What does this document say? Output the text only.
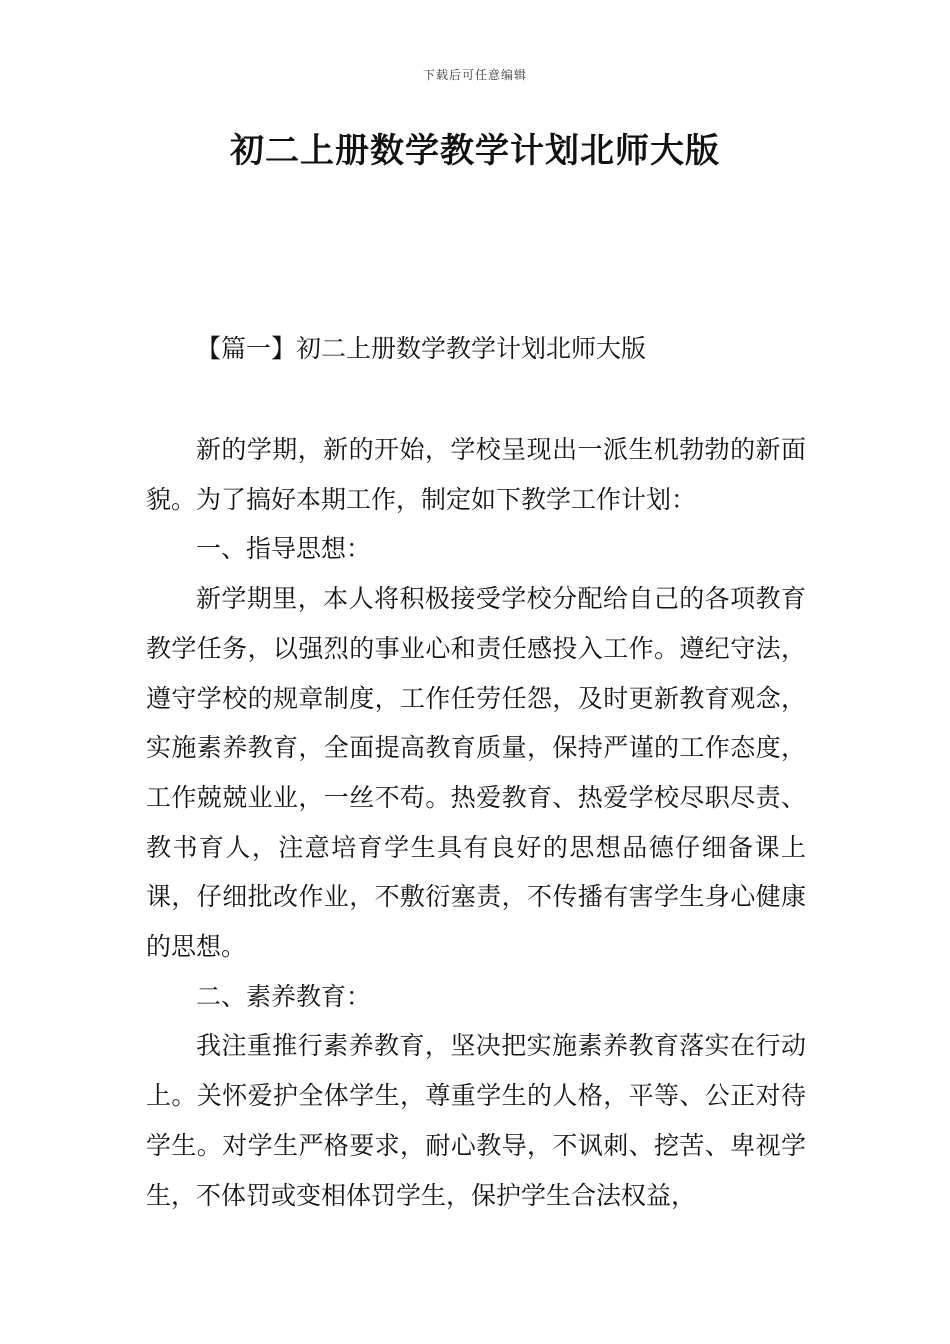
下载后可任意编辑
初二上册数学教学计划北师大版
【篇一】初二上册数学教学计划北师大版

新的学期，新的开始，学校呈现出一派生机勃勃的新面貌。为了搞好本期工作，制定如下教学工作计划：

一、指导思想：

新学期里，本人将积极接受学校分配给自己的各项教育教学任务，以强烈的事业心和责任感投入工作。遵纪守法，遵守学校的规章制度，工作任劳任怨，及时更新教育观念，实施素养教育，全面提高教育质量，保持严谨的工作态度，工作兢兢业业，一丝不苟。热爱教育、热爱学校尽职尽责、教书育人，注意培育学生具有良好的思想品德仔细备课上课，仔细批改作业，不敷衍塞责，不传播有害学生身心健康的思想。

二、素养教育：

我注重推行素养教育，坚决把实施素养教育落实在行动上。关怀爱护全体学生，尊重学生的人格，平等、公正对待学生。对学生严格要求，耐心教导，不讽刺、挖苦、卑视学生，不体罚或变相体罚学生，保护学生合法权益，
